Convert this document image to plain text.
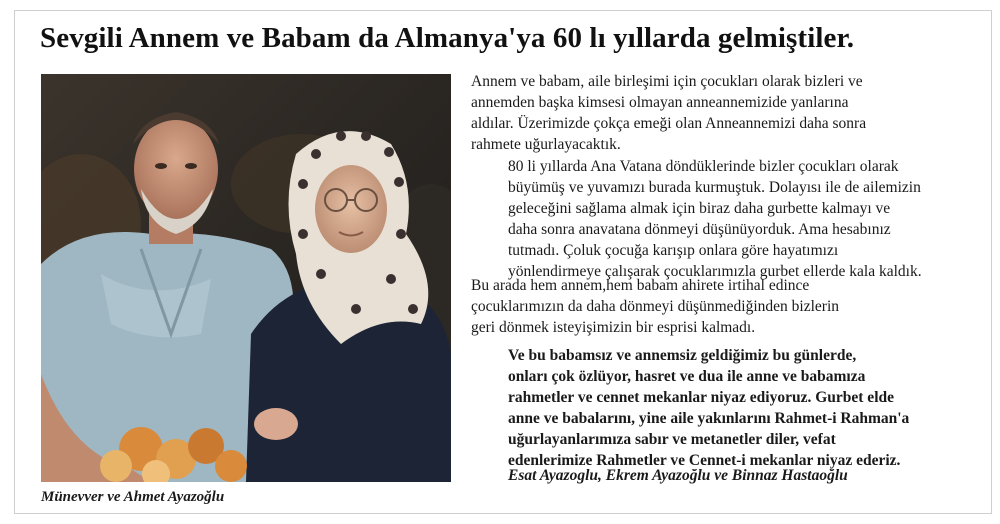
Sevgili Annem ve Babam da Almanya'ya 60 lı yıllarda gelmiştiler.
Münevver ve Ahmet Ayazoğlu
Annem ve babam, aile birleşimi için çocukları olarak bizleri ve
annemden başka kimsesi olmayan anneannemizide yanlarına
aldılar. Üzerimizde çokça emeği olan Anneannemizi daha sonra
rahmete uğurlayacaktık.
80 li yıllarda Ana Vatana döndüklerinde bizler çocukları olarak
büyümüş ve yuvamızı burada kurmuştuk. Dolayısı ile de ailemizin
geleceğini sağlama almak için biraz daha gurbette kalmayı ve
daha sonra anavatana dönmeyi düşünüyorduk. Ama hesabınız
tutmadı. Çoluk çocuğa karışıp onlara göre hayatımızı
yönlendirmeye çalışarak çocuklarımızla gurbet ellerde kala kaldık.
Bu arada hem annem,hem babam ahirete irtihal edince
çocuklarımızın da daha dönmeyi düşünmediğinden bizlerin
geri dönmek isteyişimizin bir esprisi kalmadı.
Ve bu babamsız ve annemsiz geldiğimiz bu günlerde,
onları çok özlüyor, hasret ve dua ile anne ve babamıza
rahmetler ve cennet mekanlar niyaz ediyoruz. Gurbet elde
anne ve babalarını, yine aile yakınlarını Rahmet-i Rahman'a
uğurlayanlarımıza sabır ve metanetler diler, vefat
edenlerimize Rahmetler ve Cennet-i mekanlar niyaz ederiz.
Esat Ayazoglu, Ekrem Ayazoğlu ve Binnaz Hastaoğlu
